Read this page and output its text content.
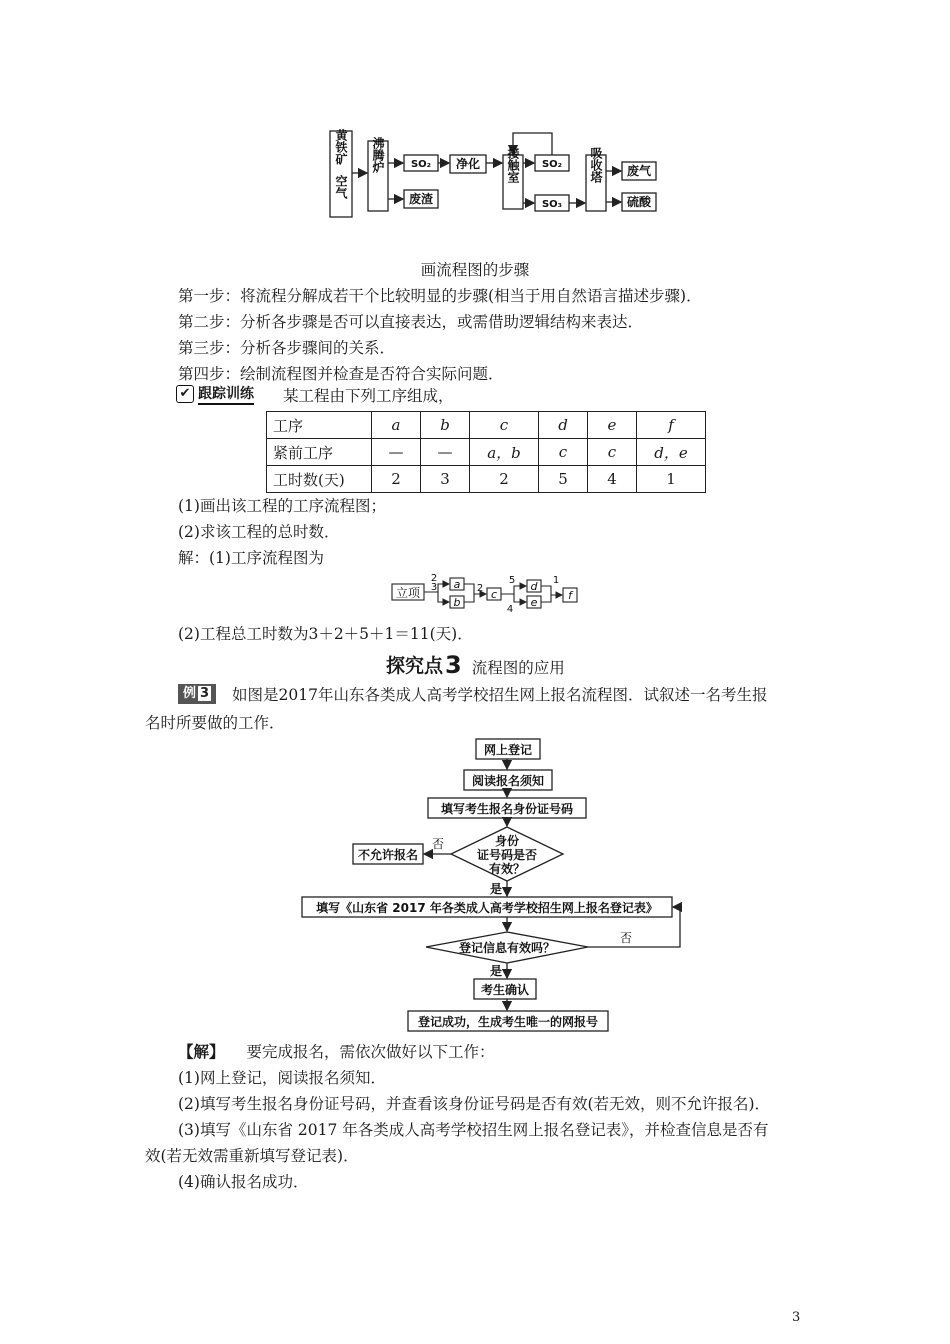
黄铁矿
空气
沸腾炉	SO₂ 净化
废渣
接触室 SO₂
SO₃
吸收塔 废气
硫酸
画流程图的步骤
第一步：将流程分解成若干个比较明显的步骤(相当于用自然语言描述步骤)．
第二步：分析各步骤是否可以直接表达，或需借助逻辑结构来表达．
第三步：分析各步骤间的关系．
第四步：绘制流程图并检查是否符合实际问题．
✔ 跟踪训练 某工程由下列工序组成，
工序	a	b	c	d	e	f
紧前工序	—	—	a，b	c	c	d，e
工时数(天)	2	3	2	5	4	1
(1)画出该工程的工序流程图；
(2)求该工程的总时数．
解：(1)工序流程图为
立项
a
b
c
d
e
f
2
3	2
5
4
1
(2)工程总工时数为3＋2＋5＋1＝11(天)．
探究点 3 流程图的应用
例 3	如图是2017年山东各类成人高考学校招生网上报名流程图．试叙述一名考生报
名时所要做的工作．
网上登记
阅读报名须知
填写考生报名身份证号码
身份
证号码是否
有效？
不允许报名
否
是
填写《山东省 2017 年各类成人高考学校招生网上报名登记表》
登记信息有效吗？
否
是
考生确认
登记成功，生成考生唯一的网报号
【解】 要完成报名，需依次做好以下工作：
(1)网上登记，阅读报名须知．
(2)填写考生报名身份证号码，并查看该身份证号码是否有效(若无效，则不允许报名)．
(3)填写《山东省 2017 年各类成人高考学校招生网上报名登记表》，并检查信息是否有
效(若无效需重新填写登记表)．
(4)确认报名成功．
3
